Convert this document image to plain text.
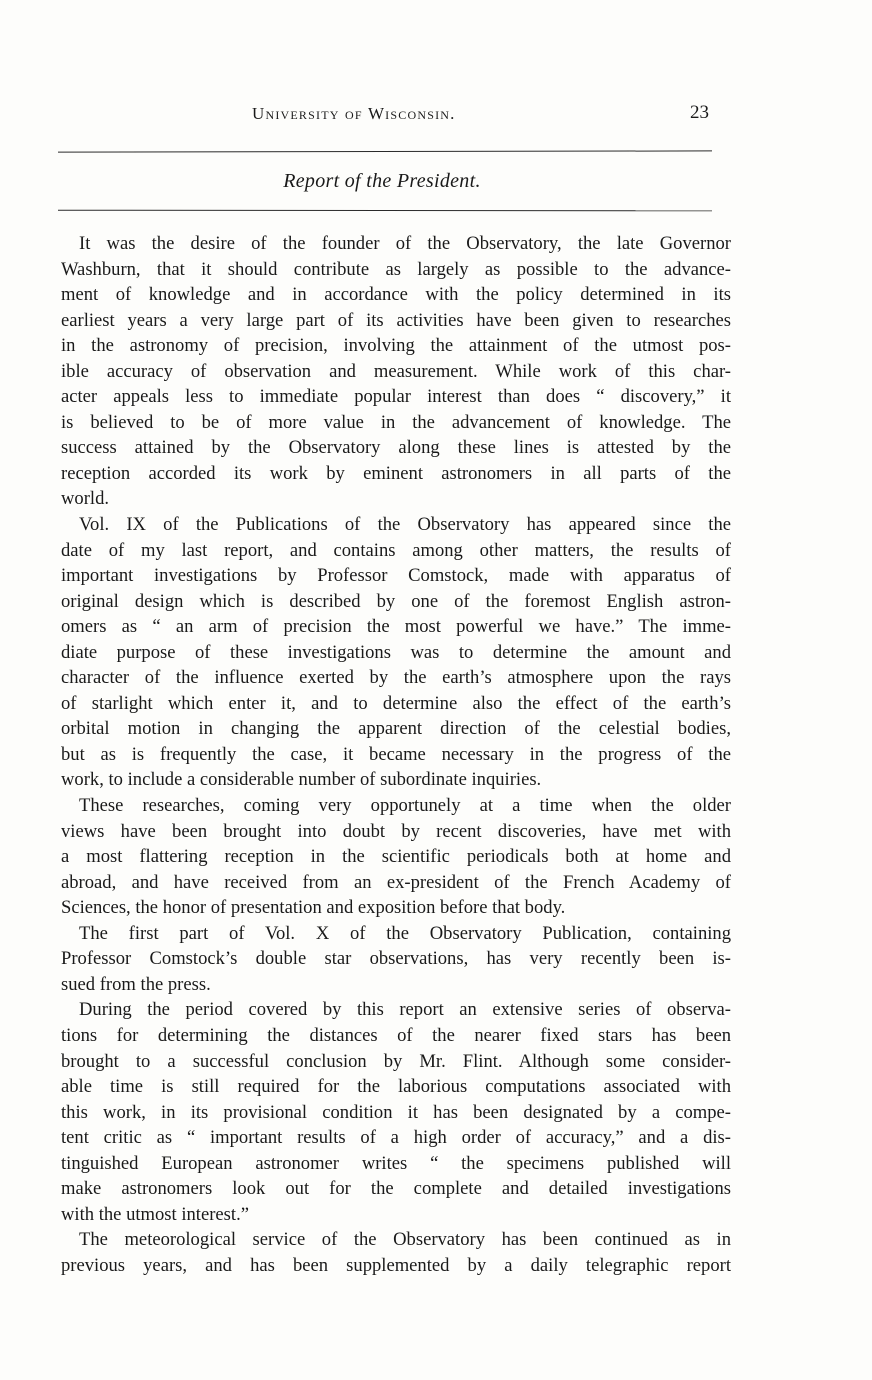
University of Wisconsin.	23
Report of the President.
It was the desire of the founder of the Observatory, the late Governor
Washburn, that it should contribute as largely as possible to the advance-
ment of knowledge and in accordance with the policy determined in its
earliest years a very large part of its activities have been given to researches
in the astronomy of precision, involving the attainment of the utmost pos-
ible accuracy of observation and measurement. While work of this char-
acter appeals less to immediate popular interest than does “ discovery,” it
is believed to be of more value in the advancement of knowledge. The
success attained by the Observatory along these lines is attested by the
reception accorded its work by eminent astronomers in all parts of the
world.
Vol. IX of the Publications of the Observatory has appeared since the
date of my last report, and contains among other matters, the results of
important investigations by Professor Comstock, made with apparatus of
original design which is described by one of the foremost English astron-
omers as “ an arm of precision the most powerful we have.” The imme-
diate purpose of these investigations was to determine the amount and
character of the influence exerted by the earth’s atmosphere upon the rays
of starlight which enter it, and to determine also the effect of the earth’s
orbital motion in changing the apparent direction of the celestial bodies,
but as is frequently the case, it became necessary in the progress of the
work, to include a considerable number of subordinate inquiries.
These researches, coming very opportunely at a time when the older
views have been brought into doubt by recent discoveries, have met with
a most flattering reception in the scientific periodicals both at home and
abroad, and have received from an ex-president of the French Academy of
Sciences, the honor of presentation and exposition before that body.
The first part of Vol. X of the Observatory Publication, containing
Professor Comstock’s double star observations, has very recently been is-
sued from the press.
During the period covered by this report an extensive series of observa-
tions for determining the distances of the nearer fixed stars has been
brought to a successful conclusion by Mr. Flint. Although some consider-
able time is still required for the laborious computations associated with
this work, in its provisional condition it has been designated by a compe-
tent critic as “ important results of a high order of accuracy,” and a dis-
tinguished European astronomer writes “ the specimens published will
make astronomers look out for the complete and detailed investigations
with the utmost interest.”
The meteorological service of the Observatory has been continued as in
previous years, and has been supplemented by a daily telegraphic report
